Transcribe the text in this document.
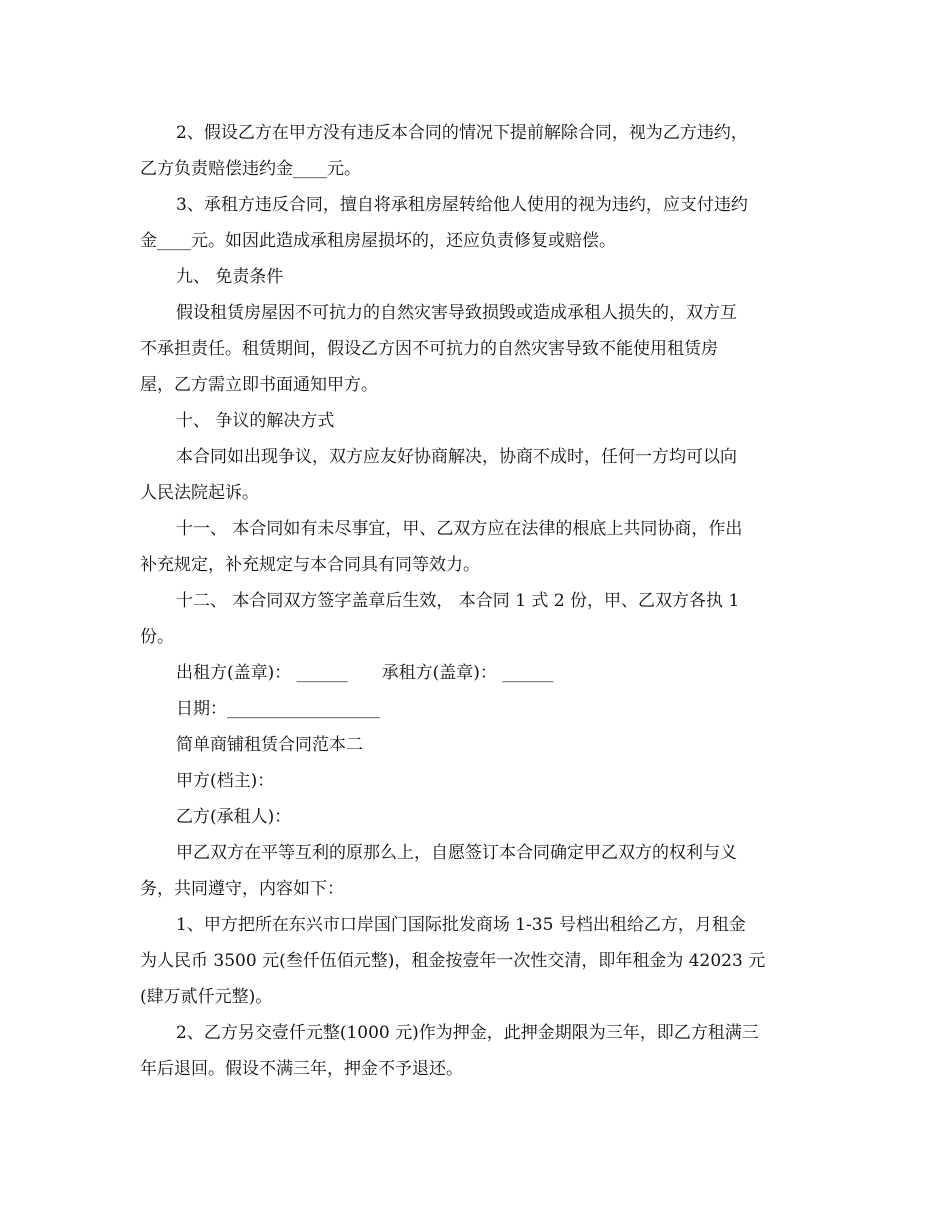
2、假设乙方在甲方没有违反本合同的情况下提前解除合同，视为乙方违约，
乙方负责赔偿违约金____元。
3、承租方违反合同，擅自将承租房屋转给他人使用的视为违约，应支付违约
金____元。如因此造成承租房屋损坏的，还应负责修复或赔偿。
九、 免责条件
假设租赁房屋因不可抗力的自然灾害导致损毁或造成承租人损失的，双方互
不承担责任。租赁期间，假设乙方因不可抗力的自然灾害导致不能使用租赁房
屋，乙方需立即书面通知甲方。
十、 争议的解决方式
本合同如出现争议，双方应友好协商解决，协商不成时，任何一方均可以向
人民法院起诉。
十一、 本合同如有未尽事宜，甲、乙双方应在法律的根底上共同协商，作出
补充规定，补充规定与本合同具有同等效力。
十二、 本合同双方签字盖章后生效， 本合同 1 式 2 份，甲、乙双方各执 1
份。
出租方(盖章)： ______ 承租方(盖章)： ______
日期：__________________
简单商铺租赁合同范本二
甲方(档主)：
乙方(承租人)：
甲乙双方在平等互利的原那么上，自愿签订本合同确定甲乙双方的权利与义
务，共同遵守，内容如下：
1、甲方把所在东兴市口岸国门国际批发商场 1-35 号档出租给乙方，月租金
为人民币 3500 元(叁仟伍佰元整)，租金按壹年一次性交清，即年租金为 42023 元
(肆万贰仟元整)。
2、乙方另交壹仟元整(1000 元)作为押金，此押金期限为三年，即乙方租满三
年后退回。假设不满三年，押金不予退还。
